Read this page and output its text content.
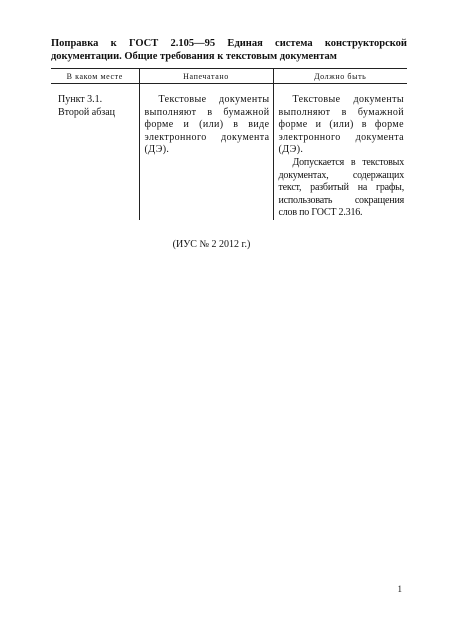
Поправка к ГОСТ 2.105—95 Единая система конструкторской документации. Общие требования к текстовым документам
В каком месте	Напечатано	Должно быть
Пункт 3.1. Второй абзац	Текстовые документы выполняют в бумажной форме и (или) в виде электронного документа (ДЭ).	Текстовые документы выполняют в бумажной форме и (или) в форме электронного документа (ДЭ).

Допускается в текстовых документах, содержащих текст, разбитый на графы, использовать сокращения слов по ГОСТ 2.316.

(ИУС № 2 2012 г.)
1
